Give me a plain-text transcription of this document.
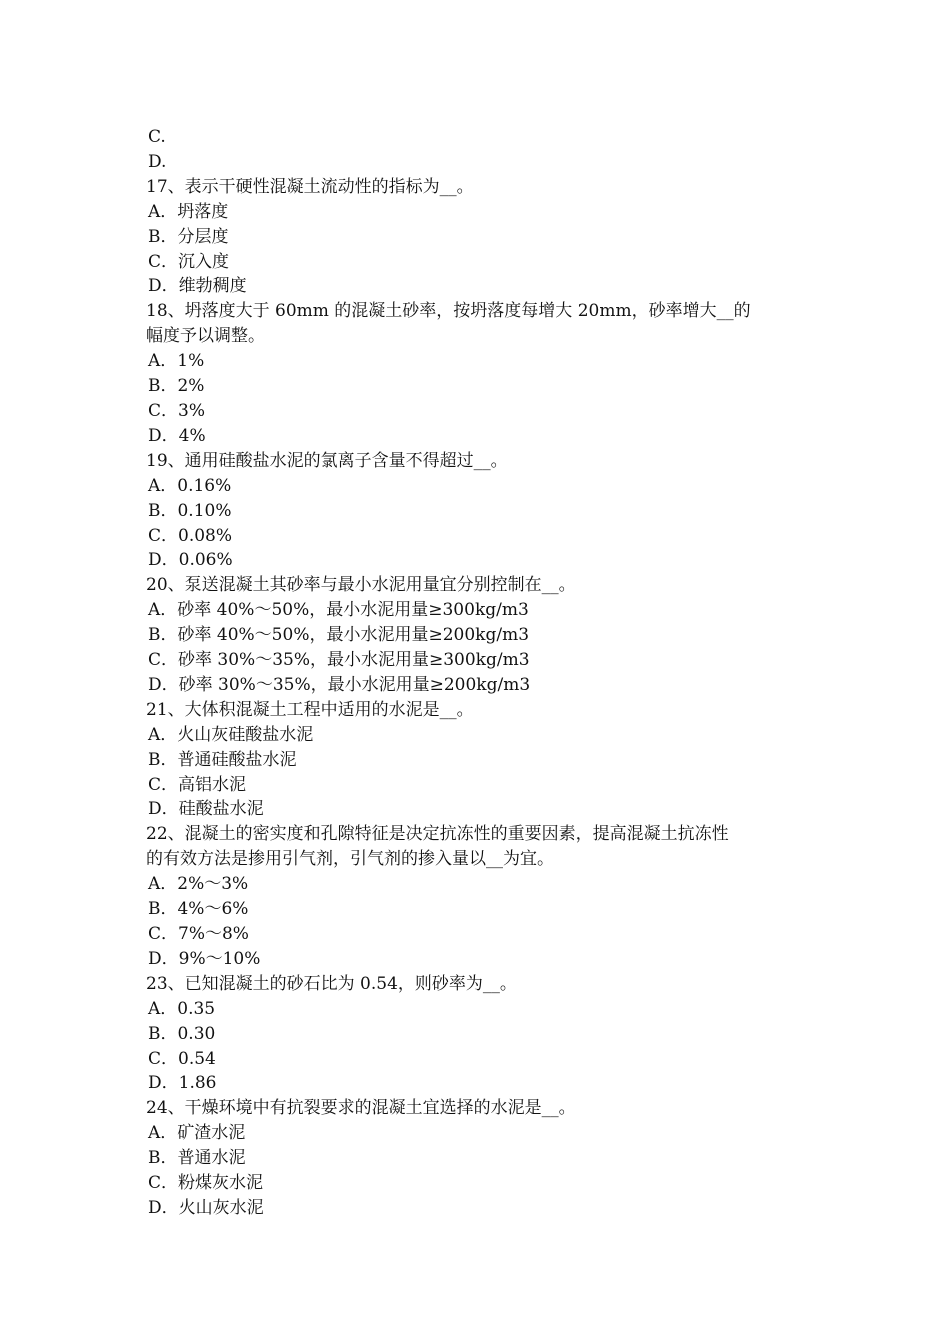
C.
D.
17、表示干硬性混凝土流动性的指标为__。
A．坍落度
B．分层度
C．沉入度
D．维勃稠度
18、坍落度大于 60mm 的混凝土砂率，按坍落度每增大 20mm，砂率增大__的
幅度予以调整。
A．1%
B．2%
C．3%
D．4%
19、通用硅酸盐水泥的氯离子含量不得超过__。
A．0.16%
B．0.10%
C．0.08%
D．0.06%
20、泵送混凝土其砂率与最小水泥用量宜分别控制在__。
A．砂率 40%～50%，最小水泥用量≥300kg/m3
B．砂率 40%～50%，最小水泥用量≥200kg/m3
C．砂率 30%～35%，最小水泥用量≥300kg/m3
D．砂率 30%～35%，最小水泥用量≥200kg/m3
21、大体积混凝土工程中适用的水泥是__。
A．火山灰硅酸盐水泥
B．普通硅酸盐水泥
C．高铝水泥
D．硅酸盐水泥
22、混凝土的密实度和孔隙特征是决定抗冻性的重要因素，提高混凝土抗冻性
的有效方法是掺用引气剂，引气剂的掺入量以__为宜。
A．2%～3%
B．4%～6%
C．7%～8%
D．9%～10%
23、已知混凝土的砂石比为 0.54，则砂率为__。
A．0.35
B．0.30
C．0.54
D．1.86
24、干燥环境中有抗裂要求的混凝土宜选择的水泥是__。
A．矿渣水泥
B．普通水泥
C．粉煤灰水泥
D．火山灰水泥
